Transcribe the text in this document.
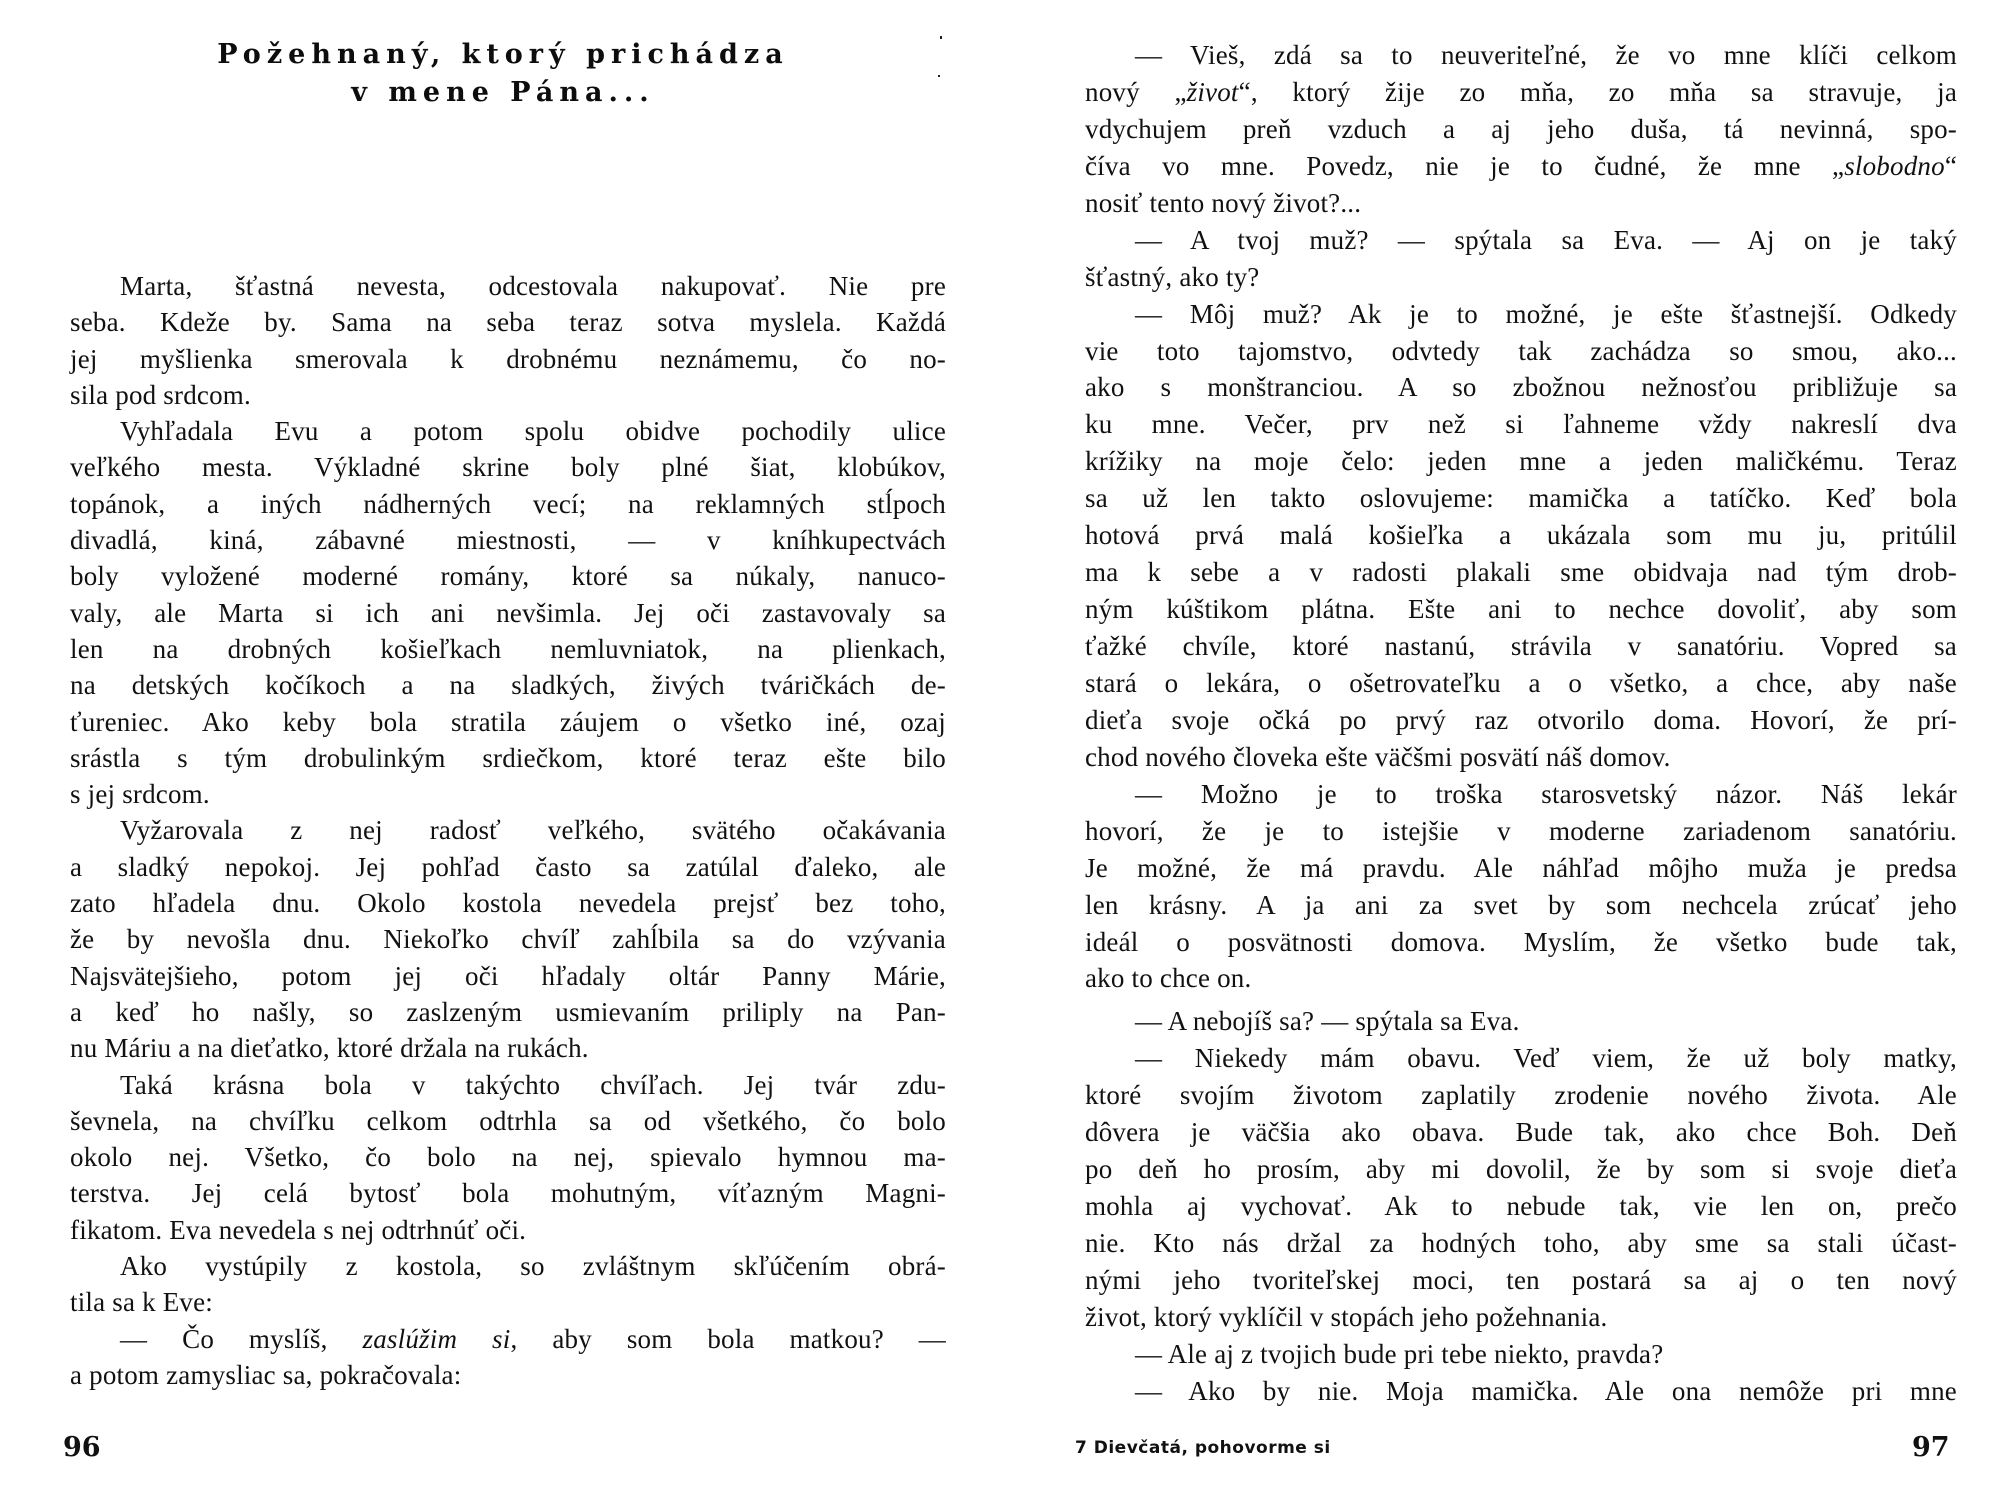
Požehnaný, ktorý prichádza
v mene Pána...
Marta, šťastná nevesta, odcestovala nakupovať. Nie pre
seba. Kdeže by. Sama na seba teraz sotva myslela. Každá
jej myšlienka smerovala k drobnému neznámemu, čo no-
sila pod srdcom.
Vyhľadala Evu a potom spolu obidve pochodily ulice
veľkého mesta. Výkladné skrine boly plné šiat, klobúkov,
topánok, a iných nádherných vecí; na reklamných stĺpoch
divadlá, kiná, zábavné miestnosti, — v kníhkupectvách
boly vyložené moderné romány, ktoré sa núkaly, nanuco-
valy, ale Marta si ich ani nevšimla. Jej oči zastavovaly sa
len na drobných košieľkach nemluvniatok, na plienkach,
na detských kočíkoch a na sladkých, živých tváričkách de-
ťureniec. Ako keby bola stratila záujem o všetko iné, ozaj
srástla s tým drobulinkým srdiečkom, ktoré teraz ešte bilo
s jej srdcom.
Vyžarovala z nej radosť veľkého, svätého očakávania
a sladký nepokoj. Jej pohľad často sa zatúlal ďaleko, ale
zato hľadela dnu. Okolo kostola nevedela prejsť bez toho,
že by nevošla dnu. Niekoľko chvíľ zahĺbila sa do vzývania
Najsvätejšieho, potom jej oči hľadaly oltár Panny Márie,
a keď ho našly, so zaslzeným usmievaním priliply na Pan-
nu Máriu a na dieťatko, ktoré držala na rukách.
Taká krásna bola v takýchto chvíľach. Jej tvár zdu-
ševnela, na chvíľku celkom odtrhla sa od všetkého, čo bolo
okolo nej. Všetko, čo bolo na nej, spievalo hymnou ma-
terstva. Jej celá bytosť bola mohutným, víťazným Magni-
fikatom. Eva nevedela s nej odtrhnúť oči.
Ako vystúpily z kostola, so zvláštnym skľúčením obrá-
tila sa k Eve:
— Čo myslíš, zaslúžim si, aby som bola matkou? —
a potom zamysliac sa, pokračovala:
96
— Vieš, zdá sa to neuveriteľné, že vo mne klíči celkom
nový „život“, ktorý žije zo mňa, zo mňa sa stravuje, ja
vdychujem preň vzduch a aj jeho duša, tá nevinná, spo-
číva vo mne. Povedz, nie je to čudné, že mne „slobodno“
nosiť tento nový život?...
— A tvoj muž? — spýtala sa Eva. — Aj on je taký
šťastný, ako ty?
— Môj muž? Ak je to možné, je ešte šťastnejší. Odkedy
vie toto tajomstvo, odvtedy tak zachádza so smou, ako...
ako s monštranciou. A so zbožnou nežnosťou približuje sa
ku mne. Večer, prv než si ľahneme vždy nakreslí dva
krížiky na moje čelo: jeden mne a jeden maličkému. Teraz
sa už len takto oslovujeme: mamička a tatíčko. Keď bola
hotová prvá malá košieľka a ukázala som mu ju, pritúlil
ma k sebe a v radosti plakali sme obidvaja nad tým drob-
ným kúštikom plátna. Ešte ani to nechce dovoliť, aby som
ťažké chvíle, ktoré nastanú, strávila v sanatóriu. Vopred sa
stará o lekára, o ošetrovateľku a o všetko, a chce, aby naše
dieťa svoje očká po prvý raz otvorilo doma. Hovorí, že prí-
chod nového človeka ešte väčšmi posvätí náš domov.
— Možno je to troška starosvetský názor. Náš lekár
hovorí, že je to istejšie v moderne zariadenom sanatóriu.
Je možné, že má pravdu. Ale náhľad môjho muža je predsa
len krásny. A ja ani za svet by som nechcela zrúcať jeho
ideál o posvätnosti domova. Myslím, že všetko bude tak,
ako to chce on.
— A nebojíš sa? — spýtala sa Eva.
— Niekedy mám obavu. Veď viem, že už boly matky,
ktoré svojím životom zaplatily zrodenie nového života. Ale
dôvera je väčšia ako obava. Bude tak, ako chce Boh. Deň
po deň ho prosím, aby mi dovolil, že by som si svoje dieťa
mohla aj vychovať. Ak to nebude tak, vie len on, prečo
nie. Kto nás držal za hodných toho, aby sme sa stali účast-
nými jeho tvoriteľskej moci, ten postará sa aj o ten nový
život, ktorý vyklíčil v stopách jeho požehnania.
— Ale aj z tvojich bude pri tebe niekto, pravda?
— Ako by nie. Moja mamička. Ale ona nemôže pri mne
7 Dievčatá, pohovorme si	97
